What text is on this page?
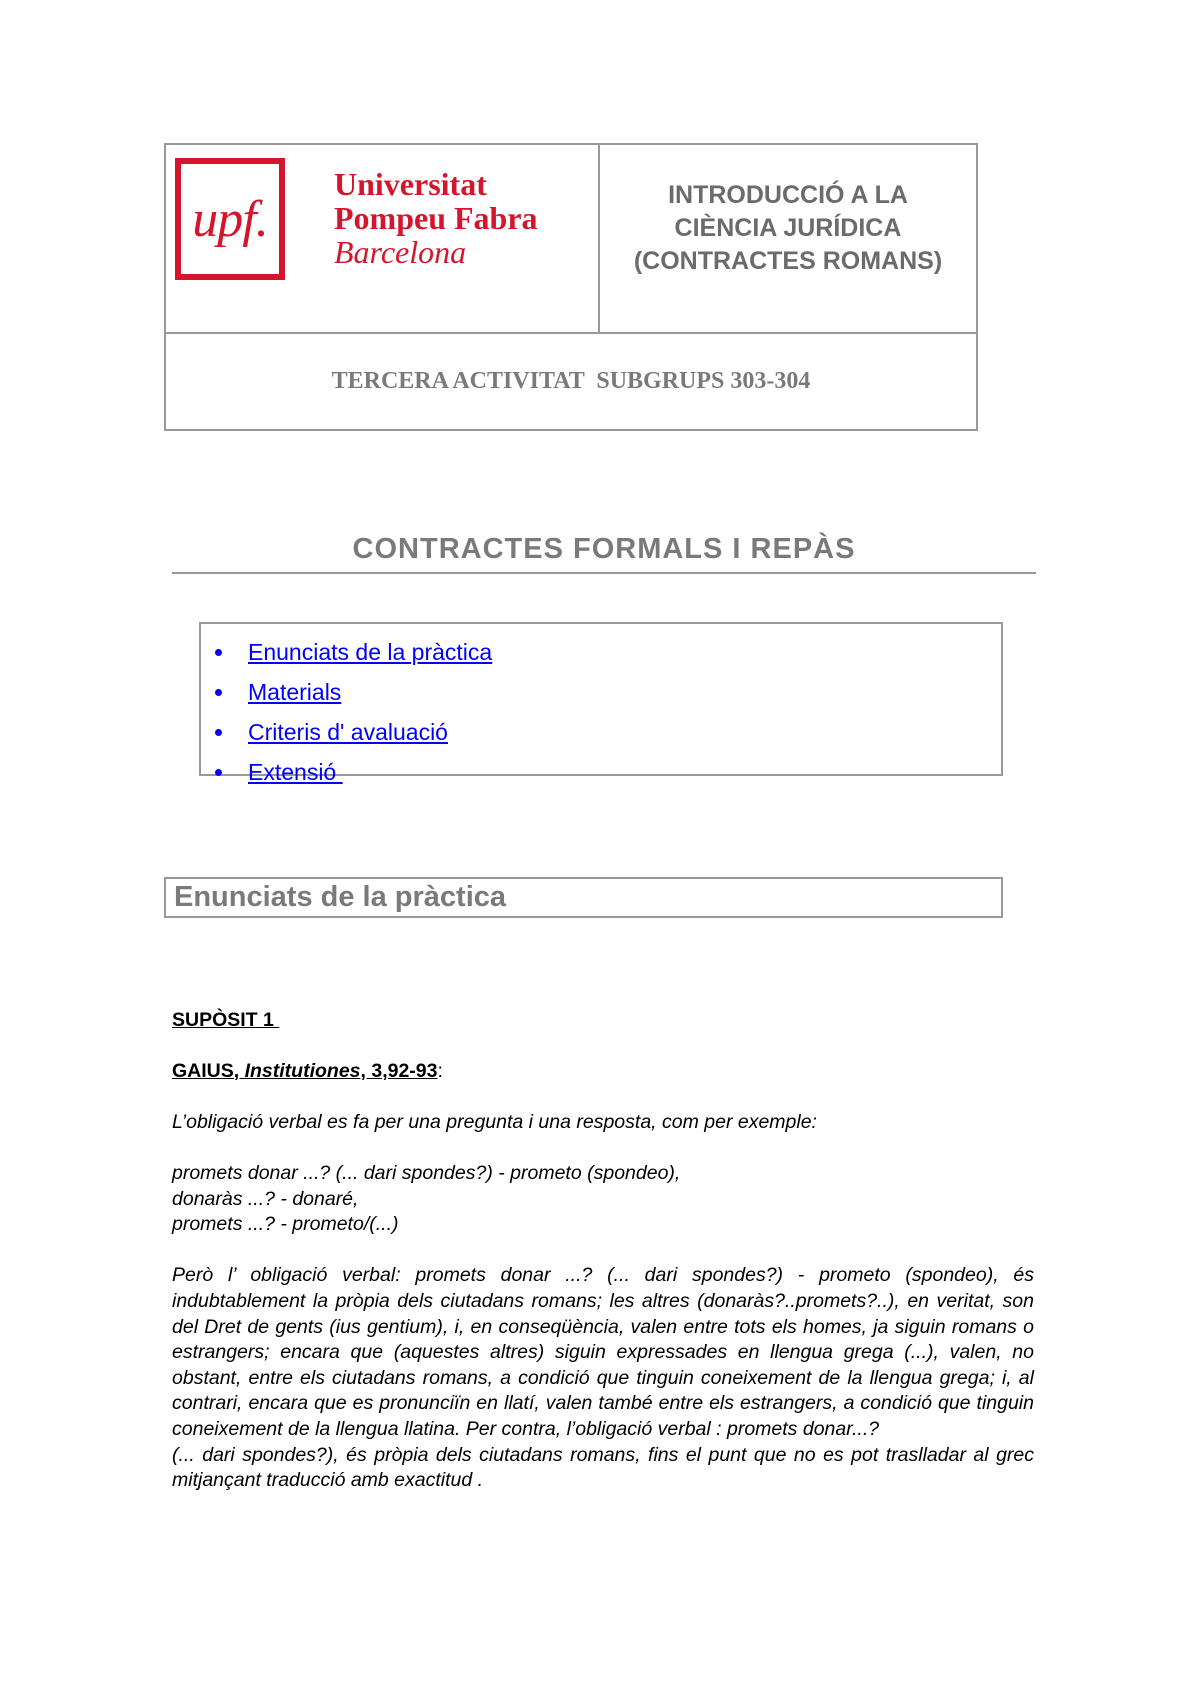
upf.
Universitat
Pompeu Fabra
Barcelona
INTRODUCCIÓ A LA
CIÈNCIA JURÍDICA
(CONTRACTES ROMANS)
TERCERA ACTIVITAT  SUBGRUPS 303-304
CONTRACTES FORMALS I REPÀS
Enunciats de la pràctica
Materials
Criteris d' avaluació
Extensió
Enunciats de la pràctica
SUPÒSIT 1
GAIUS, Institutiones, 3,92-93:
L’obligació verbal es fa per una pregunta i una resposta, com per exemple:
promets donar ...? (... dari spondes?) - prometo (spondeo),
donaràs ...? - donaré,
promets ...? - prometo/(...)
Però l’ obligació verbal: promets donar ...? (... dari spondes?) - prometo (spondeo), és indubtablement la pròpia dels ciutadans romans; les altres (donaràs?..promets?..), en veritat, son del Dret de gents (ius gentium), i, en conseqüència, valen entre tots els homes, ja siguin romans o estrangers; encara que (aquestes altres) siguin expressades en llengua grega (...), valen, no obstant, entre els ciutadans romans, a condició que tinguin coneixement de la llengua grega; i, al contrari, encara que es pronunciïn en llatí, valen també entre els estrangers, a condició que tinguin coneixement de la llengua llatina. Per contra, l’obligació verbal : promets donar...?
(... dari spondes?), és pròpia dels ciutadans romans, fins el punt que no es pot traslladar al grec mitjançant traducció amb exactitud .
